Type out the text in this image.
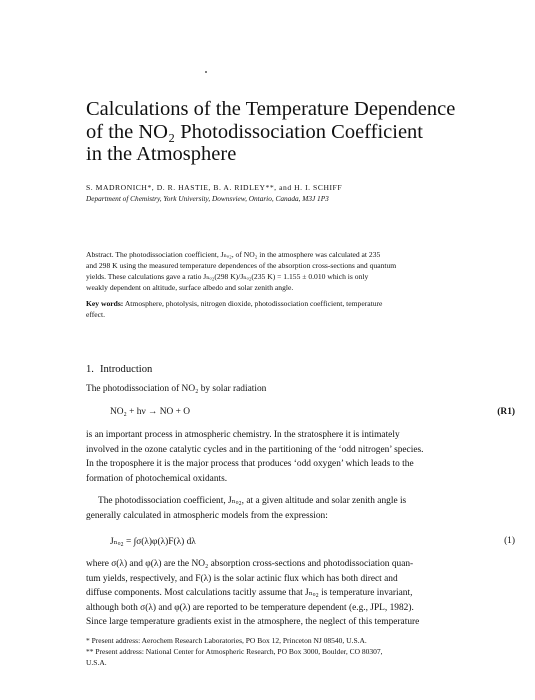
Calculations of the Temperature Dependence
of the NO₂ Photodissociation Coefficient
in the Atmosphere
S. MADRONICH*, D. R. HASTIE, B. A. RIDLEY**, and H. I. SCHIFF
Department of Chemistry, York University, Downsview, Ontario, Canada, M3J 1P3
Abstract. The photodissociation coefficient, Jₙₒ₂, of NO₂ in the atmosphere was calculated at 235
and 298 K using the measured temperature dependences of the absorption cross-sections and quantum
yields. These calculations gave a ratio Jₙₒ₂(298 K)/Jₙₒ₂(235 K) = 1.155 ± 0.010 which is only
weakly dependent on altitude, surface albedo and solar zenith angle.
Key words: Atmosphere, photolysis, nitrogen dioxide, photodissociation coefficient, temperature
effect.
1. Introduction
The photodissociation of NO₂ by solar radiation
NO₂ + hν → NO + O	(R1)
is an important process in atmospheric chemistry. In the stratosphere it is intimately
involved in the ozone catalytic cycles and in the partitioning of the ‘odd nitrogen’ species.
In the troposphere it is the major process that produces ‘odd oxygen’ which leads to the
formation of photochemical oxidants.
The photodissociation coefficient, Jₙₒ₂, at a given altitude and solar zenith angle is
generally calculated in atmospheric models from the expression:
Jₙₒ₂ = ∫σ(λ)φ(λ)F(λ) dλ	(1)
where σ(λ) and φ(λ) are the NO₂ absorption cross-sections and photodissociation quan-
tum yields, respectively, and F(λ) is the solar actinic flux which has both direct and
diffuse components. Most calculations tacitly assume that Jₙₒ₂ is temperature invariant,
although both σ(λ) and φ(λ) are reported to be temperature dependent (e.g., JPL, 1982).
Since large temperature gradients exist in the atmosphere, the neglect of this temperature
* Present address: Aerochem Research Laboratories, PO Box 12, Princeton NJ 08540, U.S.A.
** Present address: National Center for Atmospheric Research, PO Box 3000, Boulder, CO 80307,
U.S.A.
